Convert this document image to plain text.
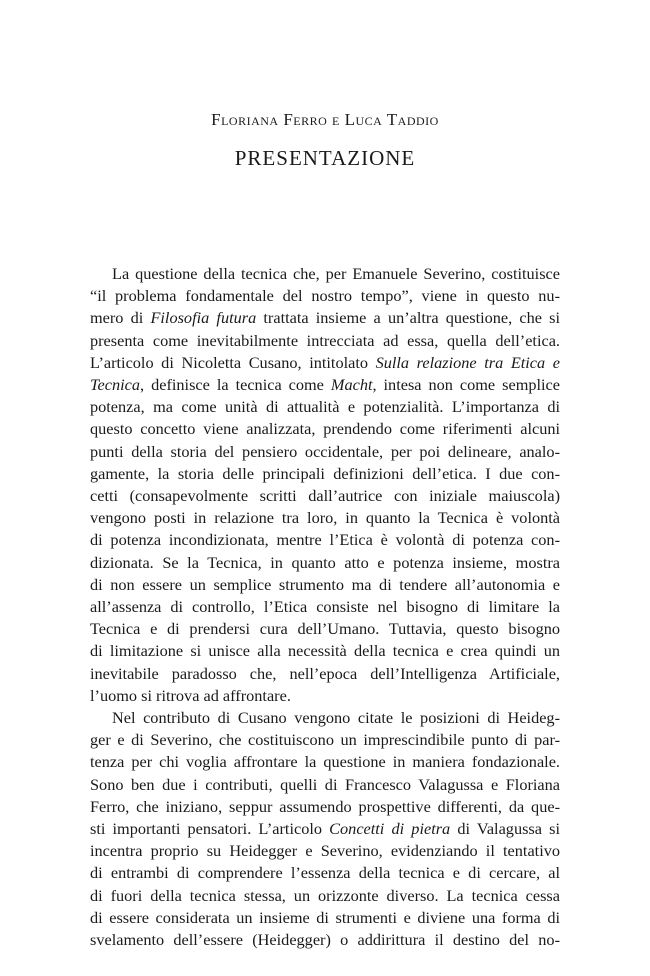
Floriana Ferro e Luca Taddio
PRESENTAZIONE
La questione della tecnica che, per Emanuele Severino, costituisce
“il problema fondamentale del nostro tempo”, viene in questo nu-
mero di Filosofia futura trattata insieme a un’altra questione, che si
presenta come inevitabilmente intrecciata ad essa, quella dell’etica.
L’articolo di Nicoletta Cusano, intitolato Sulla relazione tra Etica e
Tecnica, definisce la tecnica come Macht, intesa non come semplice
potenza, ma come unità di attualità e potenzialità. L’importanza di
questo concetto viene analizzata, prendendo come riferimenti alcuni
punti della storia del pensiero occidentale, per poi delineare, analo-
gamente, la storia delle principali definizioni dell’etica. I due con-
cetti (consapevolmente scritti dall’autrice con iniziale maiuscola)
vengono posti in relazione tra loro, in quanto la Tecnica è volontà
di potenza incondizionata, mentre l’Etica è volontà di potenza con-
dizionata. Se la Tecnica, in quanto atto e potenza insieme, mostra
di non essere un semplice strumento ma di tendere all’autonomia e
all’assenza di controllo, l’Etica consiste nel bisogno di limitare la
Tecnica e di prendersi cura dell’Umano. Tuttavia, questo bisogno
di limitazione si unisce alla necessità della tecnica e crea quindi un
inevitabile paradosso che, nell’epoca dell’Intelligenza Artificiale,
l’uomo si ritrova ad affrontare.
Nel contributo di Cusano vengono citate le posizioni di Heideg-
ger e di Severino, che costituiscono un imprescindibile punto di par-
tenza per chi voglia affrontare la questione in maniera fondazionale.
Sono ben due i contributi, quelli di Francesco Valagussa e Floriana
Ferro, che iniziano, seppur assumendo prospettive differenti, da que-
sti importanti pensatori. L’articolo Concetti di pietra di Valagussa si
incentra proprio su Heidegger e Severino, evidenziando il tentativo
di entrambi di comprendere l’essenza della tecnica e di cercare, al
di fuori della tecnica stessa, un orizzonte diverso. La tecnica cessa
di essere considerata un insieme di strumenti e diviene una forma di
svelamento dell’essere (Heidegger) o addirittura il destino del no-
